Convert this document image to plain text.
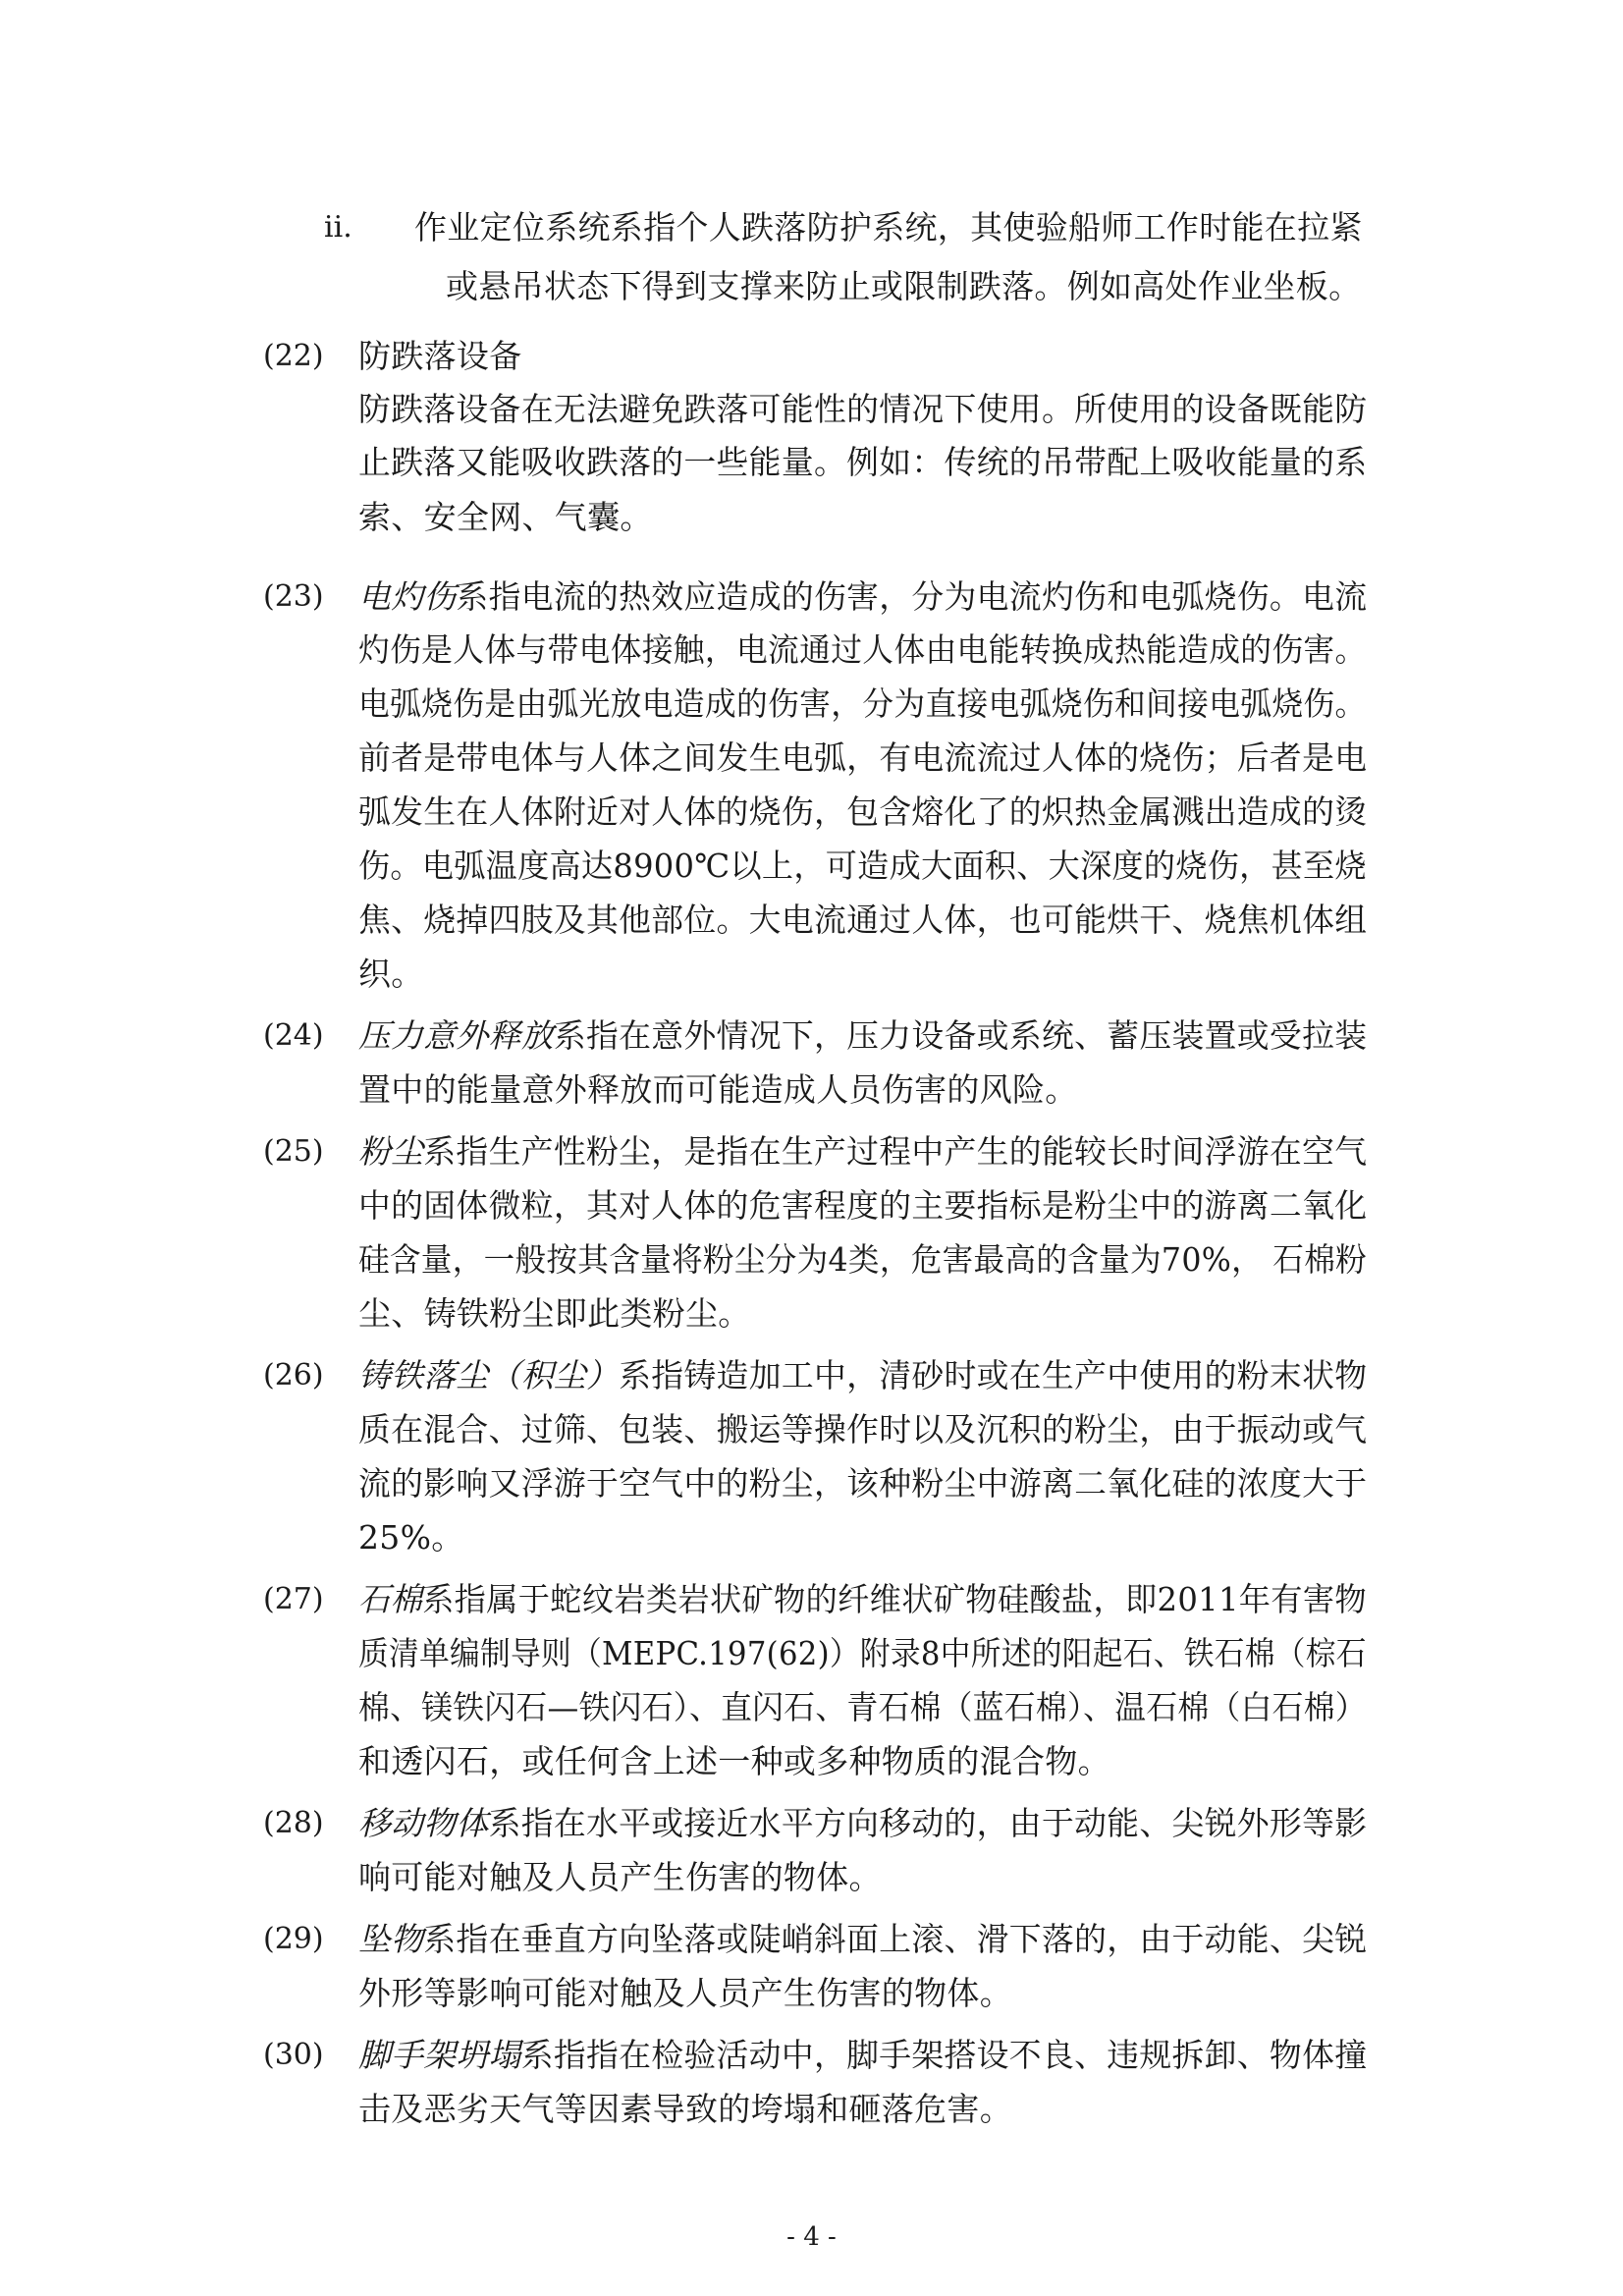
ii. 作业定位系统系指个人跌落防护系统，其使验船师工作时能在拉紧
或悬吊状态下得到支撑来防止或限制跌落。例如高处作业坐板。
(22) 防跌落设备
防跌落设备在无法避免跌落可能性的情况下使用。所使用的设备既能防
止跌落又能吸收跌落的一些能量。例如：传统的吊带配上吸收能量的系
索、安全网、气囊。
(23) 电灼伤系指电流的热效应造成的伤害，分为电流灼伤和电弧烧伤。电流
灼伤是人体与带电体接触，电流通过人体由电能转换成热能造成的伤害。
电弧烧伤是由弧光放电造成的伤害，分为直接电弧烧伤和间接电弧烧伤。
前者是带电体与人体之间发生电弧，有电流流过人体的烧伤；后者是电
弧发生在人体附近对人体的烧伤，包含熔化了的炽热金属溅出造成的烫
伤。电弧温度高达8900℃以上，可造成大面积、大深度的烧伤，甚至烧
焦、烧掉四肢及其他部位。大电流通过人体，也可能烘干、烧焦机体组
织。
(24) 压力意外释放系指在意外情况下，压力设备或系统、蓄压装置或受拉装
置中的能量意外释放而可能造成人员伤害的风险。
(25) 粉尘系指生产性粉尘，是指在生产过程中产生的能较长时间浮游在空气
中的固体微粒，其对人体的危害程度的主要指标是粉尘中的游离二氧化
硅含量，一般按其含量将粉尘分为4类，危害最高的含量为70%， 石棉粉
尘、铸铁粉尘即此类粉尘。
(26) 铸铁落尘（积尘）系指铸造加工中，清砂时或在生产中使用的粉末状物
质在混合、过筛、包装、搬运等操作时以及沉积的粉尘，由于振动或气
流的影响又浮游于空气中的粉尘，该种粉尘中游离二氧化硅的浓度大于
25%。
(27) 石棉系指属于蛇纹岩类岩状矿物的纤维状矿物硅酸盐，即2011年有害物
质清单编制导则（MEPC.197(62)）附录8中所述的阳起石、铁石棉（棕石
棉、镁铁闪石—铁闪石）、直闪石、青石棉（蓝石棉）、温石棉（白石棉）
和透闪石，或任何含上述一种或多种物质的混合物。
(28) 移动物体系指在水平或接近水平方向移动的，由于动能、尖锐外形等影
响可能对触及人员产生伤害的物体。
(29) 坠物系指在垂直方向坠落或陡峭斜面上滚、滑下落的，由于动能、尖锐
外形等影响可能对触及人员产生伤害的物体。
(30) 脚手架坍塌系指指在检验活动中，脚手架搭设不良、违规拆卸、物体撞
击及恶劣天气等因素导致的垮塌和砸落危害。
- 4 -
